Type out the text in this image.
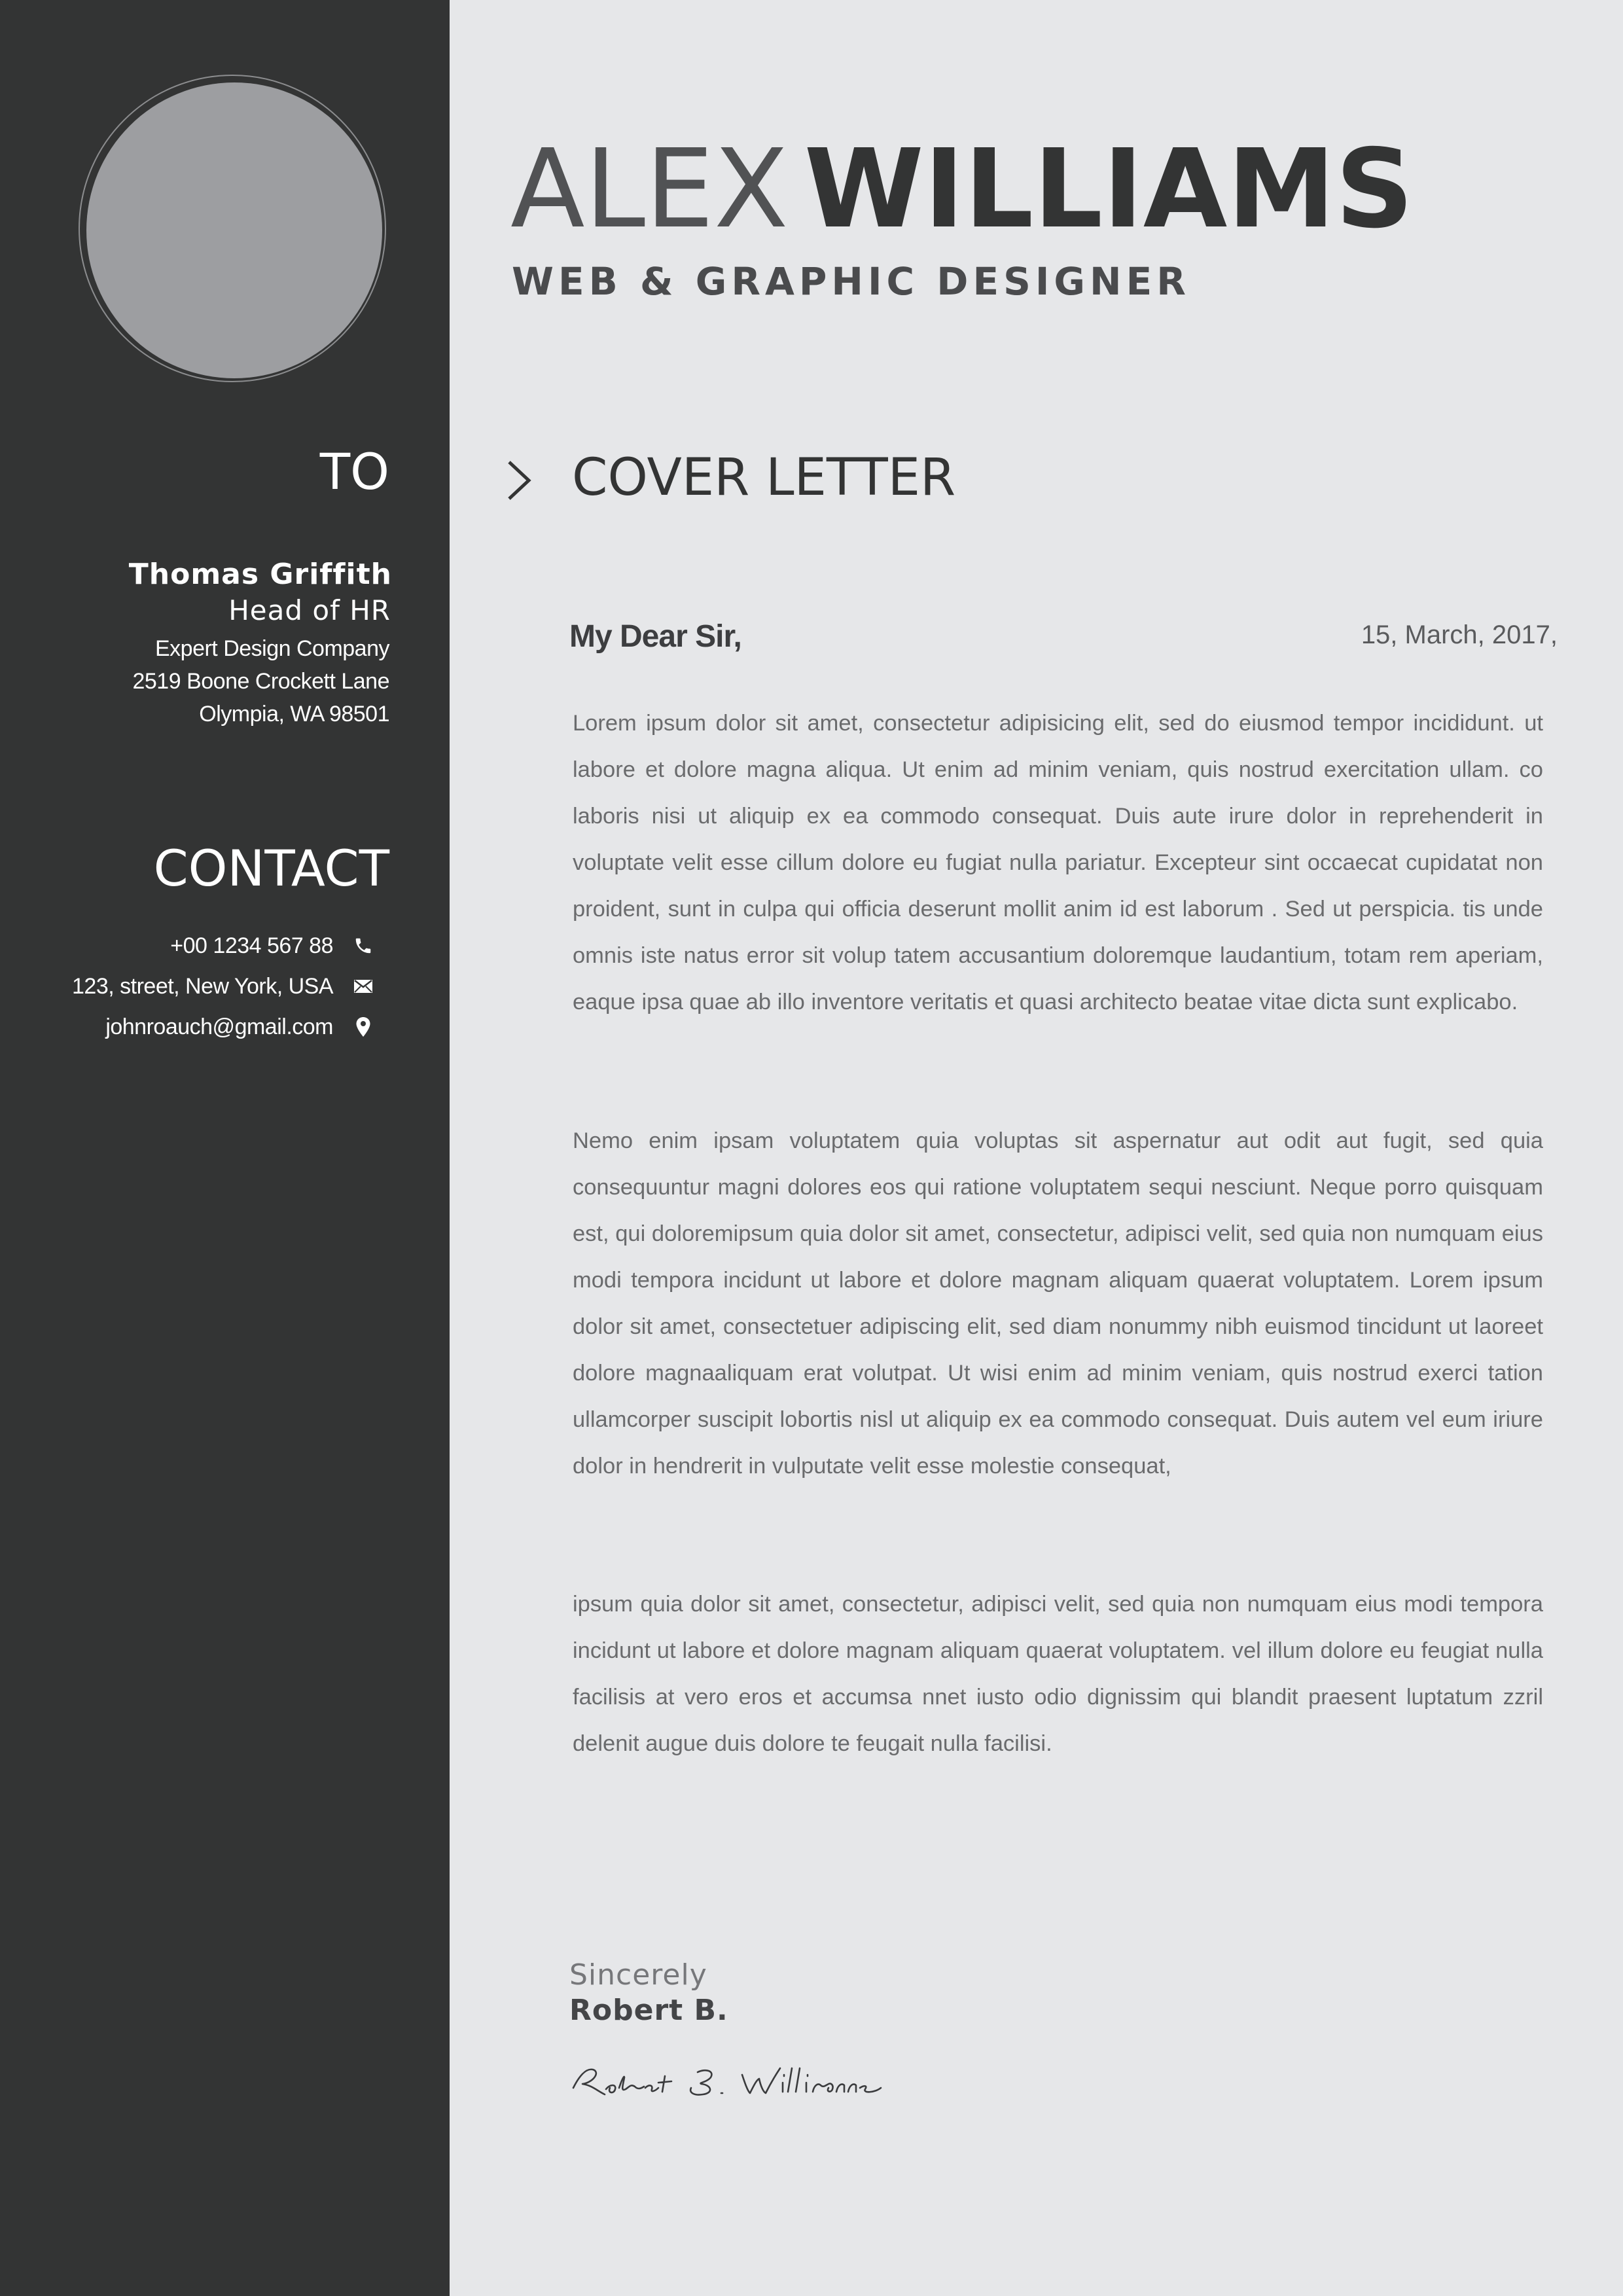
TO
Thomas Griffith
Head of HR
Expert Design Company
2519 Boone Crockett Lane
Olympia, WA 98501
CONTACT
+00 1234 567 88
123, street, New York, USA
johnroauch@gmail.com
ALEX WILLIAMS
WEB & GRAPHIC DESIGNER
COVER LETTER
My Dear Sir,	15, March, 2017,

Lorem ipsum dolor sit amet, consectetur adipisicing elit, sed do eiusmod tempor incididunt. ut labore et dolore magna aliqua. Ut enim ad minim veniam, quis nostrud exercitation ullam. co laboris nisi ut aliquip ex ea commodo consequat. Duis aute irure dolor in reprehenderit in voluptate velit esse cillum dolore eu fugiat nulla pariatur. Excepteur sint occaecat cupidatat non proident, sunt in culpa qui officia deserunt mollit anim id est laborum . Sed ut perspicia. tis unde omnis iste natus error sit volup tatem accusantium doloremque laudantium, totam rem aperiam, eaque ipsa quae ab illo inventore veritatis et quasi architecto beatae vitae dicta sunt explicabo.

Nemo enim ipsam voluptatem quia voluptas sit aspernatur aut odit aut fugit, sed quia consequuntur magni dolores eos qui ratione voluptatem sequi nesciunt. Neque porro quisquam est, qui doloremipsum quia dolor sit amet, consectetur, adipisci velit, sed quia non numquam eius modi tempora incidunt ut labore et dolore magnam aliquam quaerat voluptatem. Lorem ipsum dolor sit amet, consectetuer adipiscing elit, sed diam nonummy nibh euismod tincidunt ut laoreet dolore magnaaliquam erat volutpat. Ut wisi enim ad minim veniam, quis nostrud exerci tation ullamcorper suscipit lobortis nisl ut aliquip ex ea commodo consequat. Duis autem vel eum iriure dolor in hendrerit in vulputate velit esse molestie consequat,

ipsum quia dolor sit amet, consectetur, adipisci velit, sed quia non numquam eius modi tempora incidunt ut labore et dolore magnam aliquam quaerat voluptatem. vel illum dolore eu feugiat nulla facilisis at vero eros et accumsa nnet iusto odio dignissim qui blandit praesent luptatum zzril delenit augue duis dolore te feugait nulla facilisi.

Sincerely
Robert B.
